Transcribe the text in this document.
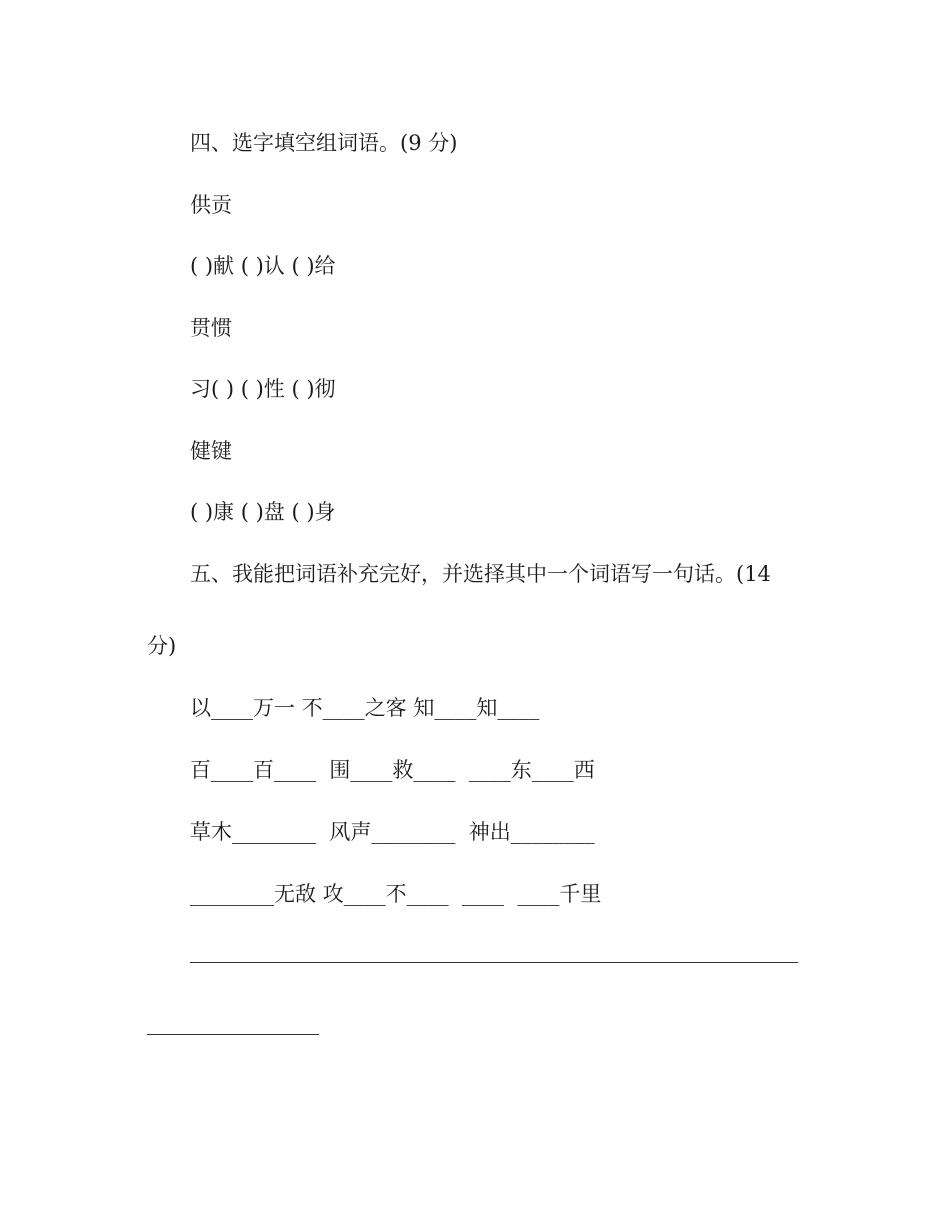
四、选字填空组词语。(9 分)
供贡
( )献 ( )认 ( )给
贯惯
习( ) ( )性 ( )彻
健键
( )康 ( )盘 ( )身
五、我能把词语补充完好，并选择其中一个词语写一句话。(14
分)
以____万一 不____之客 知____知____
百____百____  围____救____  ____东____西
草木________  风声________  神出________
________无敌 攻____不____  ____  ____千里
